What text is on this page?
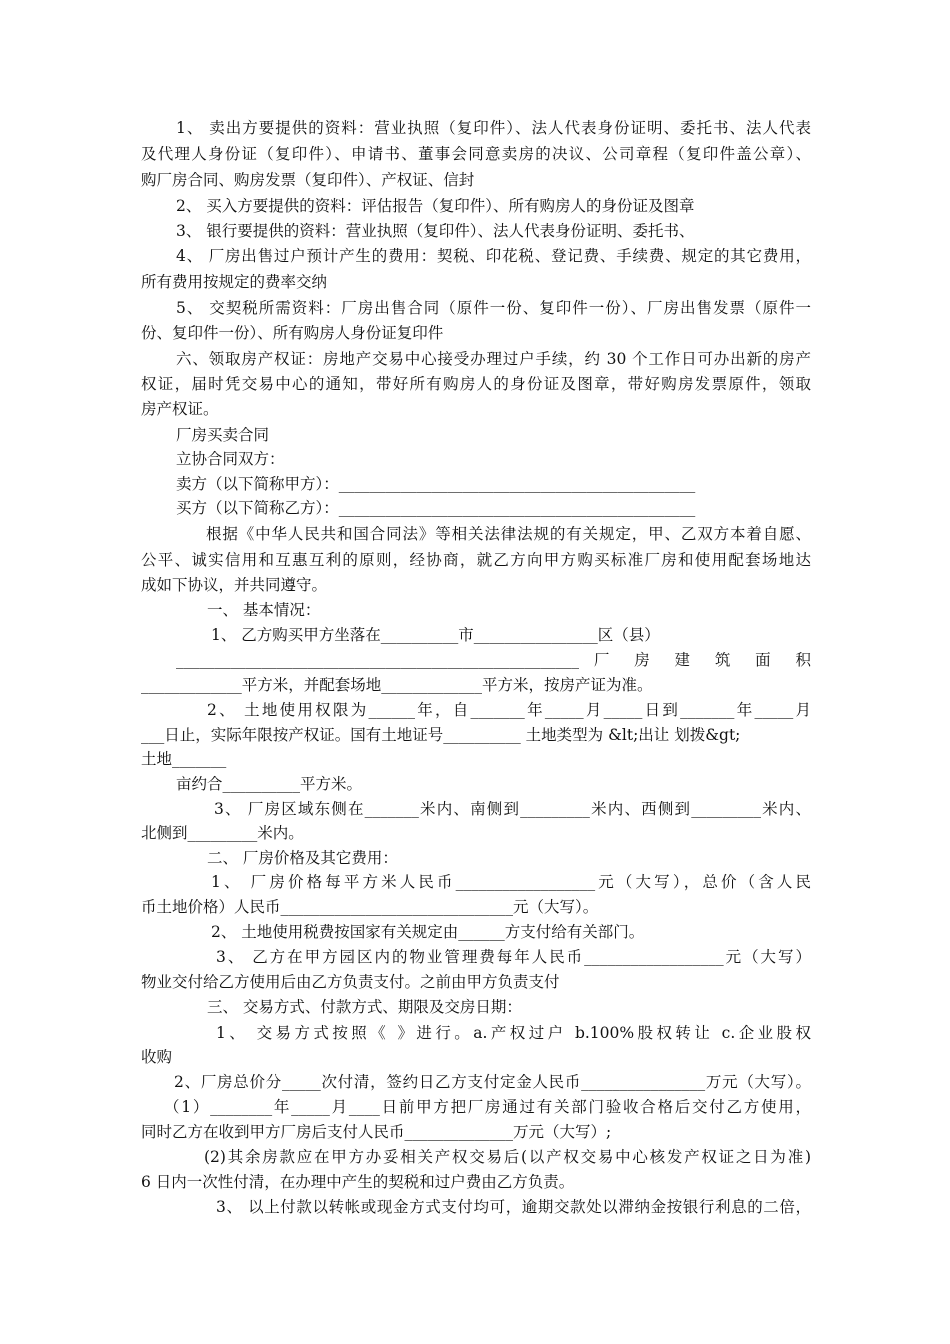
1、 卖出方要提供的资料：营业执照（复印件）、法人代表身份证明、委托书、法人代表
及代理人身份证（复印件）、申请书、董事会同意卖房的决议、公司章程（复印件盖公章）、
购厂房合同、购房发票（复印件）、产权证、信封
2、 买入方要提供的资料：评估报告（复印件）、所有购房人的身份证及图章
3、 银行要提供的资料：营业执照（复印件）、法人代表身份证明、委托书、
4、 厂房出售过户预计产生的费用：契税、印花税、登记费、手续费、规定的其它费用，
所有费用按规定的费率交纳
5、 交契税所需资料：厂房出售合同（原件一份、复印件一份）、厂房出售发票（原件一
份、复印件一份）、所有购房人身份证复印件
六、领取房产权证：房地产交易中心接受办理过户手续，约 30 个工作日可办出新的房产
权证，届时凭交易中心的通知，带好所有购房人的身份证及图章，带好购房发票原件，领取
房产权证。
厂房买卖合同
立协合同双方：
卖方（以下简称甲方）：______________________________________________
买方（以下简称乙方）：______________________________________________
根据《中华人民共和国合同法》等相关法律法规的有关规定，甲、乙双方本着自愿、
公平、诚实信用和互惠互利的原则，经协商，就乙方向甲方购买标准厂房和使用配套场地达
成如下协议，并共同遵守。
一、 基本情况：
1、 乙方购买甲方坐落在__________市________________区（县）
____________________________________________________ 厂 房 建 筑 面 积
_____________平方米，并配套场地_____________平方米，按房产证为准。
2、 土地使用权限为______年，自_______年_____月_____日到_______年_____月
___日止，实际年限按产权证。国有土地证号__________ 土地类型为 &lt;出让 划拨&gt;
土地_______
亩约合__________平方米。
3、 厂房区域东侧在_______米内、南侧到_________米内、西侧到_________米内、
北侧到_________米内。
二、 厂房价格及其它费用：
1、 厂房价格每平方米人民币__________________元（大写），总价（含人民
币土地价格）人民币______________________________元（大写）。
2、 土地使用税费按国家有关规定由______方支付给有关部门。
3、 乙方在甲方园区内的物业管理费每年人民币__________________元（大写）
物业交付给乙方使用后由乙方负责支付。之前由甲方负责支付
三、 交易方式、付款方式、期限及交房日期：
1、 交易方式按照《 》进行。a.产权过户 b.100%股权转让 c.企业股权
收购
2、厂房总价分_____次付清，签约日乙方支付定金人民币________________万元（大写）。
（1）________年_____月____日前甲方把厂房通过有关部门验收合格后交付乙方使用，
同时乙方在收到甲方厂房后支付人民币______________万元（大写）;
(2)其余房款应在甲方办妥相关产权交易后(以产权交易中心核发产权证之日为准)
6 日内一次性付清，在办理中产生的契税和过户费由乙方负责。
3、 以上付款以转帐或现金方式支付均可，逾期交款处以滞纳金按银行利息的二倍，
